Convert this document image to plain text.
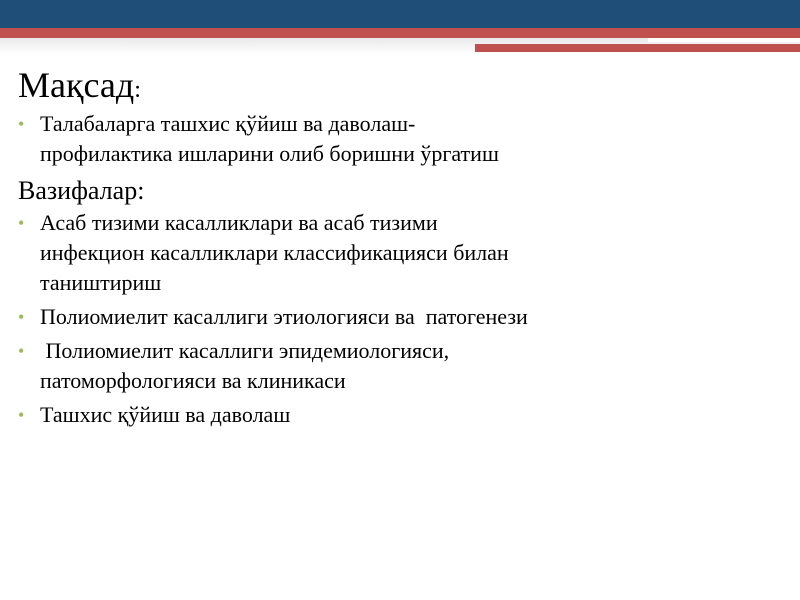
Мақсад:
• Талабаларга ташхис қўйиш ва даволаш-
профилактика ишларини олиб боришни ўргатиш
Вазифалар:
• Асаб тизими касалликлари ва асаб тизими
инфекцион касалликлари классификацияси билан
таништириш
• Полиомиелит касаллиги этиологияси ва  патогенези
• Полиомиелит касаллиги эпидемиологияси,
патоморфологияси ва клиникаси
• Ташхис қўйиш ва даволаш
